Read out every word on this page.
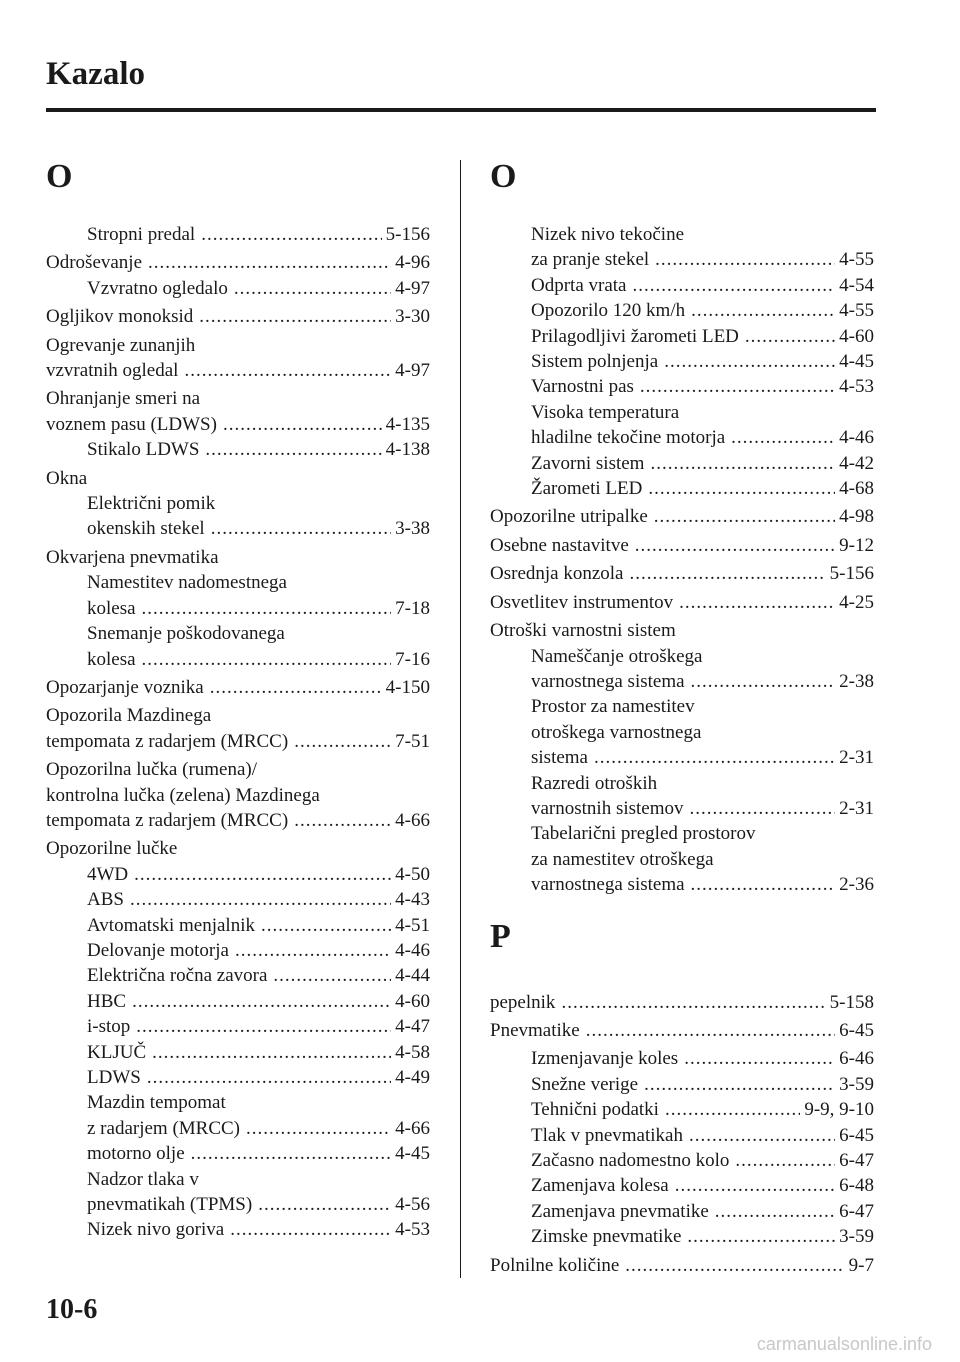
Kazalo
O
Stropni predal .....	5-156
Odroševanje .....	4-96
Vzvratno ogledalo .....	4-97
Ogljikov monoksid .....	3-30
Ogrevanje zunanjih
vzvratnih ogledal .....	4-97
Ohranjanje smeri na
voznem pasu (LDWS) .....	4-135
Stikalo LDWS .....	4-138
Okna
Električni pomik
okenskih stekel .....	3-38
Okvarjena pnevmatika
Namestitev nadomestnega
kolesa .....	7-18
Snemanje poškodovanega
kolesa .....	7-16
Opozarjanje voznika .....	4-150
Opozorila Mazdinega
tempomata z radarjem (MRCC) .....	7-51
Opozorilna lučka (rumena)/
kontrolna lučka (zelena) Mazdinega
tempomata z radarjem (MRCC) .....	4-66
Opozorilne lučke
4WD .....	4-50
ABS .....	4-43
Avtomatski menjalnik .....	4-51
Delovanje motorja .....	4-46
Električna ročna zavora .....	4-44
HBC .....	4-60
i-stop .....	4-47
KLJUČ .....	4-58
LDWS .....	4-49
Mazdin tempomat
z radarjem (MRCC) .....	4-66
motorno olje .....	4-45
Nadzor tlaka v
pnevmatikah (TPMS) .....	4-56
Nizek nivo goriva .....	4-53
O
Nizek nivo tekočine
za pranje stekel .....	4-55
Odprta vrata .....	4-54
Opozorilo 120 km/h .....	4-55
Prilagodljivi žarometi LED .....	4-60
Sistem polnjenja .....	4-45
Varnostni pas .....	4-53
Visoka temperatura
hladilne tekočine motorja .....	4-46
Zavorni sistem .....	4-42
Žarometi LED .....	4-68
Opozorilne utripalke .....	4-98
Osebne nastavitve .....	9-12
Osrednja konzola .....	5-156
Osvetlitev instrumentov .....	4-25
Otroški varnostni sistem
Nameščanje otroškega
varnostnega sistema .....	2-38
Prostor za namestitev
otroškega varnostnega
sistema .....	2-31
Razredi otroških
varnostnih sistemov .....	2-31
Tabelarični pregled prostorov
za namestitev otroškega
varnostnega sistema .....	2-36
P
pepelnik .....	5-158
Pnevmatike .....	6-45
Izmenjavanje koles .....	6-46
Snežne verige .....	3-59
Tehnični podatki .....	9-9, 9-10
Tlak v pnevmatikah .....	6-45
Začasno nadomestno kolo .....	6-47
Zamenjava kolesa .....	6-48
Zamenjava pnevmatike .....	6-47
Zimske pnevmatike .....	3-59
Polnilne količine .....	9-7
10-6
carmanualsonline.info
